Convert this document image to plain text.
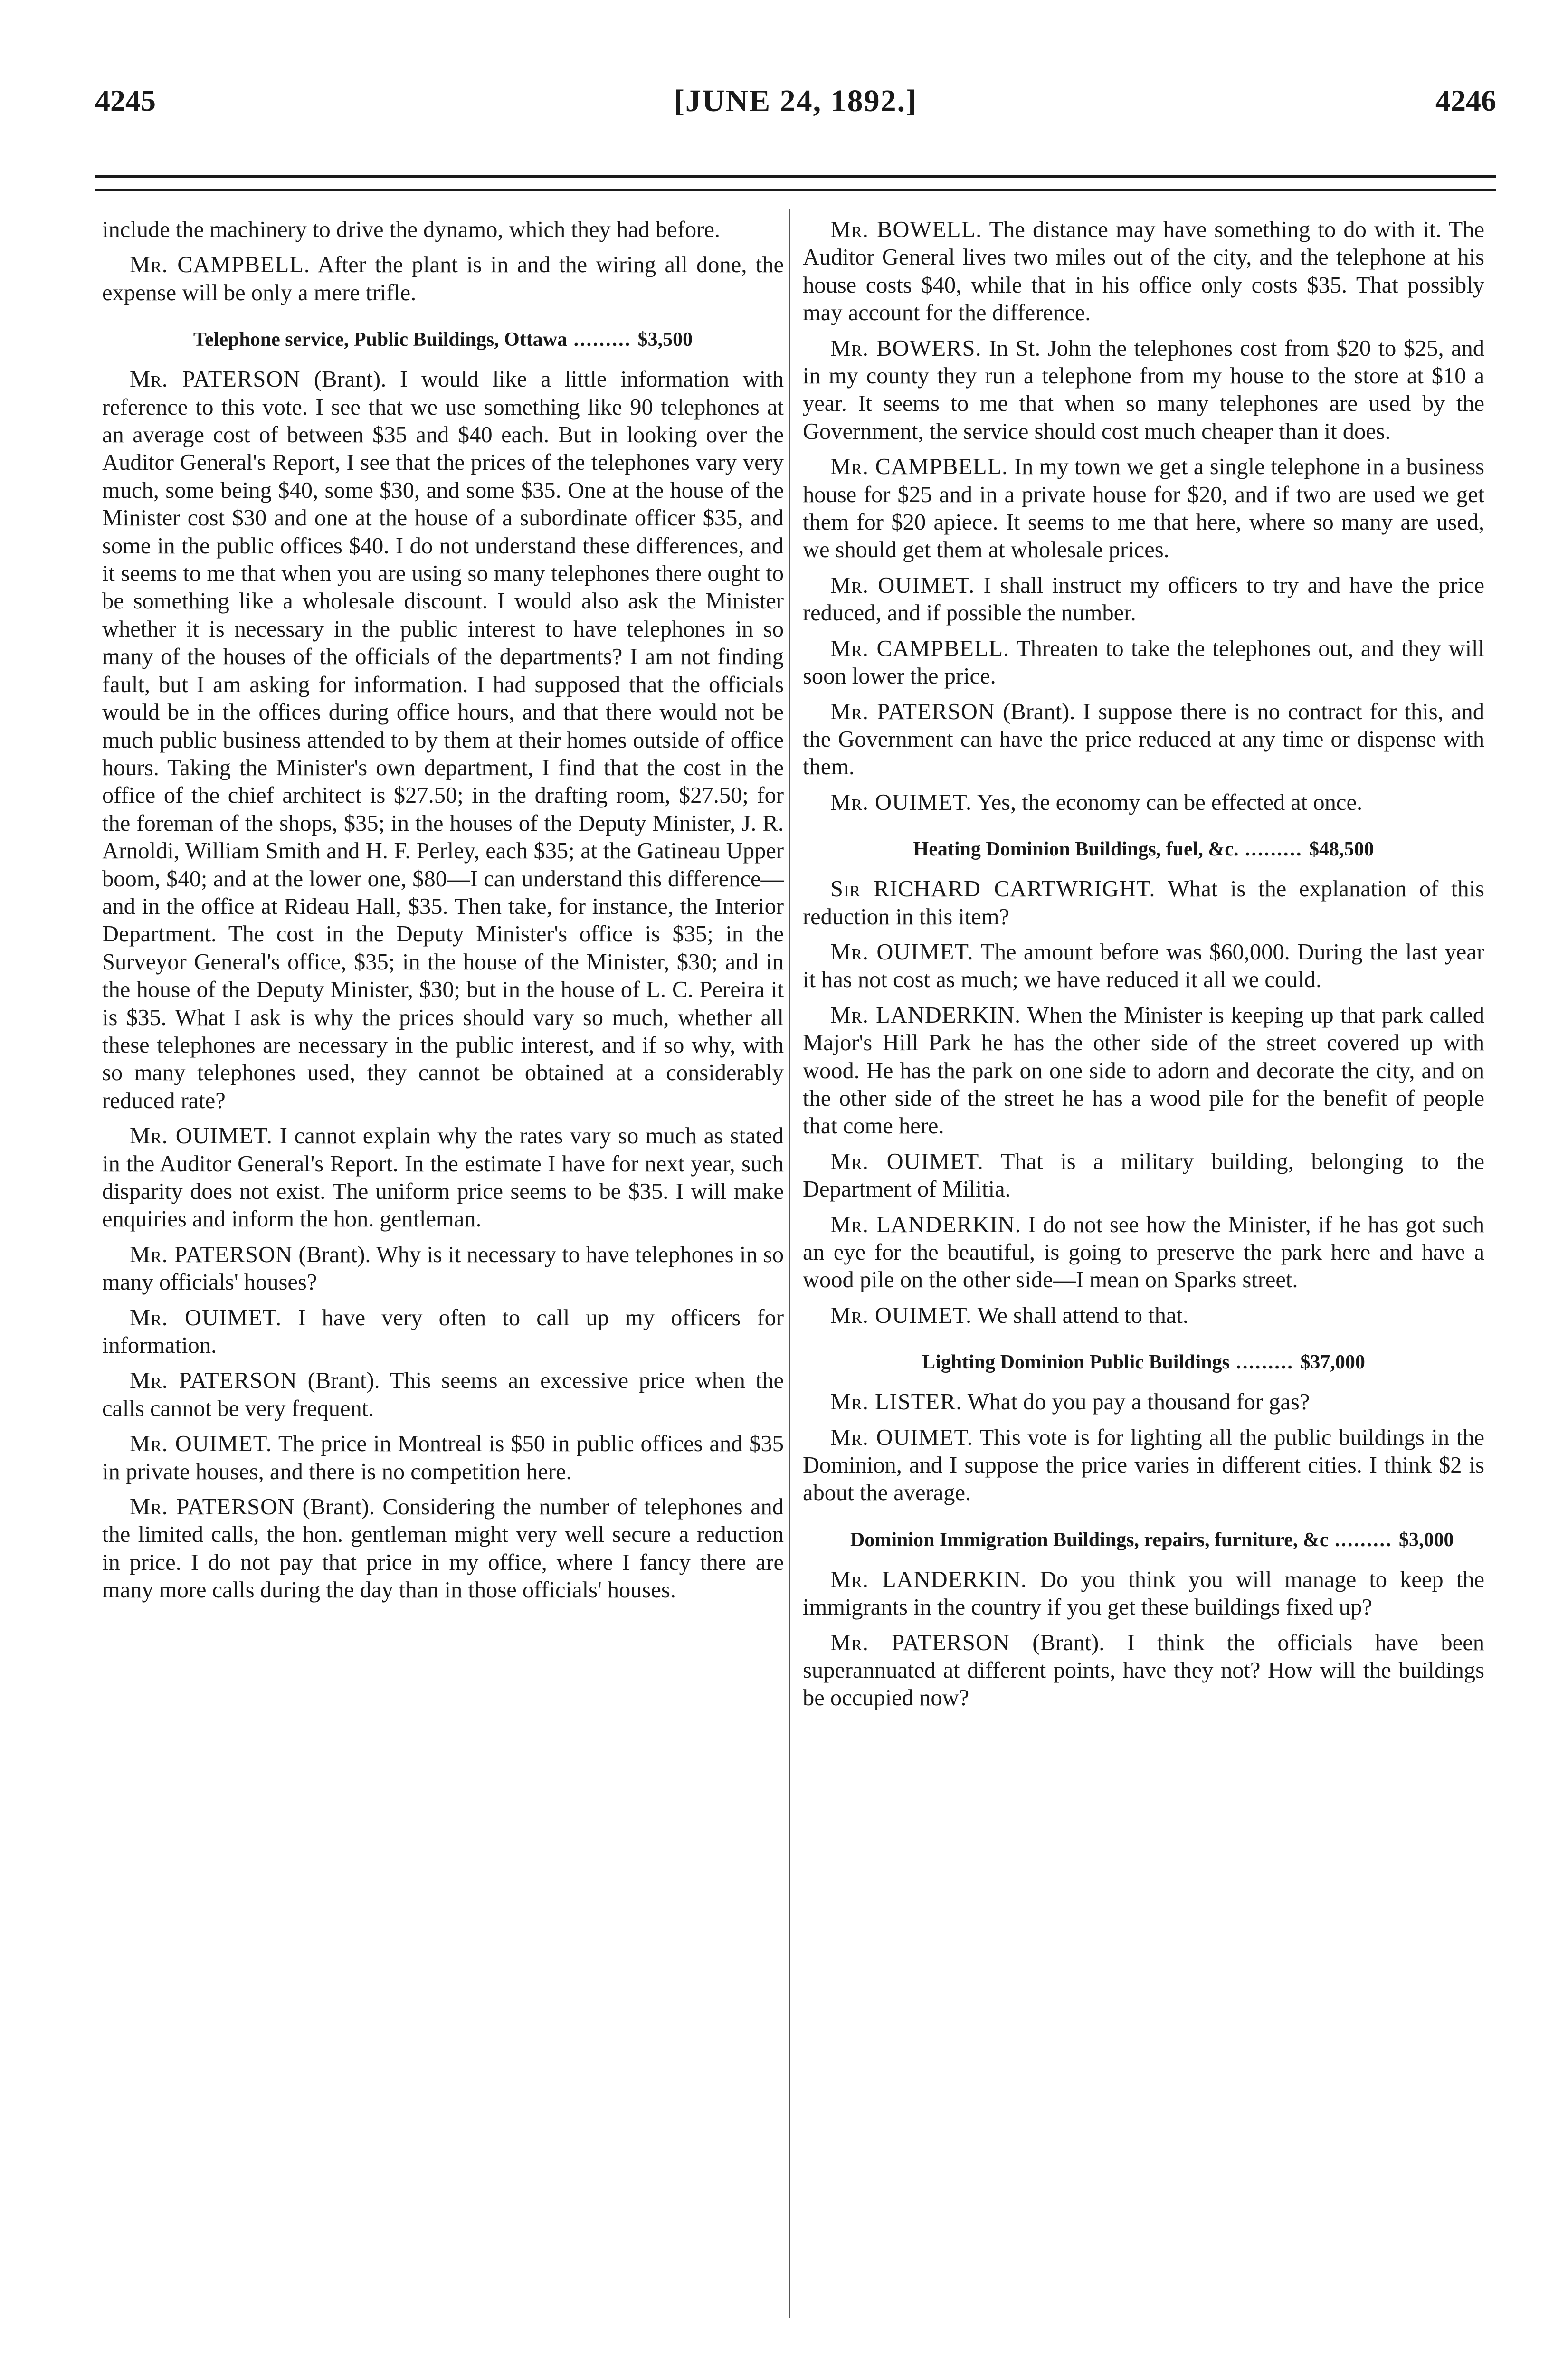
4245	[JUNE 24, 1892.]	4246

include the machinery to drive the dynamo, which they had before.

Mr. CAMPBELL. After the plant is in and the wiring all done, the expense will be only a mere trifle.

Telephone service, Public Buildings, Ottawa ......... $3,500

Mr. PATERSON (Brant). I would like a little information with reference to this vote. I see that we use something like 90 telephones at an average cost of between $35 and $40 each. But in looking over the Auditor General's Report, I see that the prices of the telephones vary very much, some being $40, some $30, and some $35. One at the house of the Minister cost $30 and one at the house of a subordinate officer $35, and some in the public offices $40. I do not understand these differences, and it seems to me that when you are using so many telephones there ought to be something like a wholesale discount. I would also ask the Minister whether it is necessary in the public interest to have telephones in so many of the houses of the officials of the departments? I am not finding fault, but I am asking for information. I had supposed that the officials would be in the offices during office hours, and that there would not be much public business attended to by them at their homes outside of office hours. Taking the Minister's own department, I find that the cost in the office of the chief architect is $27.50; in the drafting room, $27.50; for the foreman of the shops, $35; in the houses of the Deputy Minister, J. R. Arnoldi, William Smith and H. F. Perley, each $35; at the Gatineau Upper boom, $40; and at the lower one, $80—I can understand this difference—and in the office at Rideau Hall, $35. Then take, for instance, the Interior Department. The cost in the Deputy Minister's office is $35; in the Surveyor General's office, $35; in the house of the Minister, $30; and in the house of the Deputy Minister, $30; but in the house of L. C. Pereira it is $35. What I ask is why the prices should vary so much, whether all these telephones are necessary in the public interest, and if so why, with so many telephones used, they cannot be obtained at a considerably reduced rate?

Mr. OUIMET. I cannot explain why the rates vary so much as stated in the Auditor General's Report. In the estimate I have for next year, such disparity does not exist. The uniform price seems to be $35. I will make enquiries and inform the hon. gentleman.

Mr. PATERSON (Brant). Why is it necessary to have telephones in so many officials' houses?

Mr. OUIMET. I have very often to call up my officers for information.

Mr. PATERSON (Brant). This seems an excessive price when the calls cannot be very frequent.

Mr. OUIMET. The price in Montreal is $50 in public offices and $35 in private houses, and there is no competition here.

Mr. PATERSON (Brant). Considering the number of telephones and the limited calls, the hon. gentleman might very well secure a reduction in price. I do not pay that price in my office, where I fancy there are many more calls during the day than in those officials' houses.

Mr. BOWELL. The distance may have something to do with it. The Auditor General lives two miles out of the city, and the telephone at his house costs $40, while that in his office only costs $35. That possibly may account for the difference.

Mr. BOWERS. In St. John the telephones cost from $20 to $25, and in my county they run a telephone from my house to the store at $10 a year. It seems to me that when so many telephones are used by the Government, the service should cost much cheaper than it does.

Mr. CAMPBELL. In my town we get a single telephone in a business house for $25 and in a private house for $20, and if two are used we get them for $20 apiece. It seems to me that here, where so many are used, we should get them at wholesale prices.

Mr. OUIMET. I shall instruct my officers to try and have the price reduced, and if possible the number.

Mr. CAMPBELL. Threaten to take the telephones out, and they will soon lower the price.

Mr. PATERSON (Brant). I suppose there is no contract for this, and the Government can have the price reduced at any time or dispense with them.

Mr. OUIMET. Yes, the economy can be effected at once.

Heating Dominion Buildings, fuel, &c. ......... $48,500

Sir RICHARD CARTWRIGHT. What is the explanation of this reduction in this item?

Mr. OUIMET. The amount before was $60,000. During the last year it has not cost as much; we have reduced it all we could.

Mr. LANDERKIN. When the Minister is keeping up that park called Major's Hill Park he has the other side of the street covered up with wood. He has the park on one side to adorn and decorate the city, and on the other side of the street he has a wood pile for the benefit of people that come here.

Mr. OUIMET. That is a military building, belonging to the Department of Militia.

Mr. LANDERKIN. I do not see how the Minister, if he has got such an eye for the beautiful, is going to preserve the park here and have a wood pile on the other side—I mean on Sparks street.

Mr. OUIMET. We shall attend to that.

Lighting Dominion Public Buildings ......... $37,000

Mr. LISTER. What do you pay a thousand for gas?

Mr. OUIMET. This vote is for lighting all the public buildings in the Dominion, and I suppose the price varies in different cities. I think $2 is about the average.

Dominion Immigration Buildings, repairs, furniture, &c ......... $3,000

Mr. LANDERKIN. Do you think you will manage to keep the immigrants in the country if you get these buildings fixed up?

Mr. PATERSON (Brant). I think the officials have been superannuated at different points, have they not? How will the buildings be occupied now?
